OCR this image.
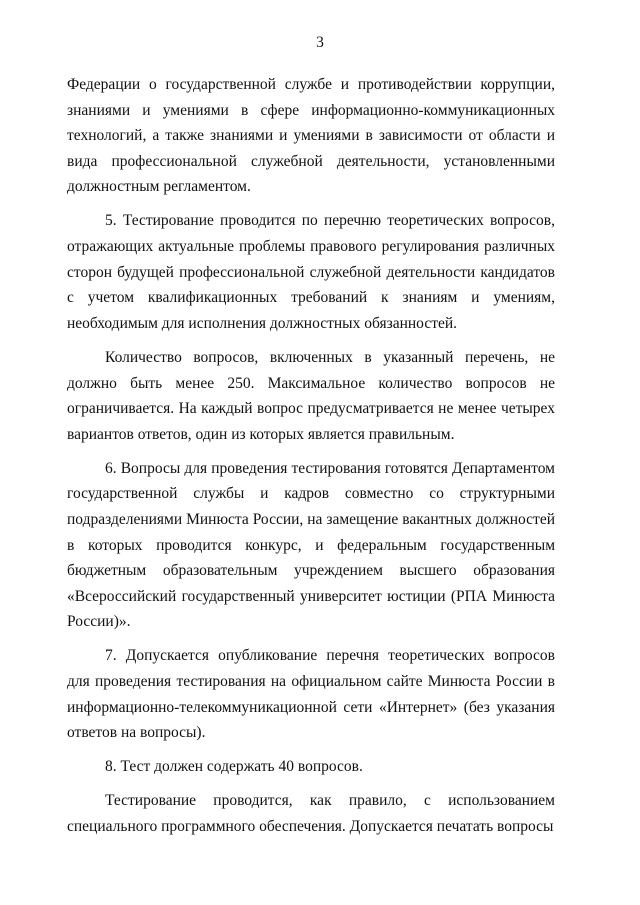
3

Федерации о государственной службе и противодействии коррупции, знаниями и умениями в сфере информационно-коммуникационных технологий, а также знаниями и умениями в зависимости от области и вида профессиональной служебной деятельности, установленными должностным регламентом.

5. Тестирование проводится по перечню теоретических вопросов, отражающих актуальные проблемы правового регулирования различных сторон будущей профессиональной служебной деятельности кандидатов с учетом квалификационных требований к знаниям и умениям, необходимым для исполнения должностных обязанностей.

Количество вопросов, включенных в указанный перечень, не должно быть менее 250. Максимальное количество вопросов не ограничивается. На каждый вопрос предусматривается не менее четырех вариантов ответов, один из которых является правильным.

6. Вопросы для проведения тестирования готовятся Департаментом государственной службы и кадров совместно со структурными подразделениями Минюста России, на замещение вакантных должностей в которых проводится конкурс, и федеральным государственным бюджетным образовательным учреждением высшего образования «Всероссийский государственный университет юстиции (РПА Минюста России)».

7. Допускается опубликование перечня теоретических вопросов для проведения тестирования на официальном сайте Минюста России в информационно-телекоммуникационной сети «Интернет» (без указания ответов на вопросы).

8. Тест должен содержать 40 вопросов.

Тестирование проводится, как правило, с использованием специального программного обеспечения. Допускается печатать вопросы
